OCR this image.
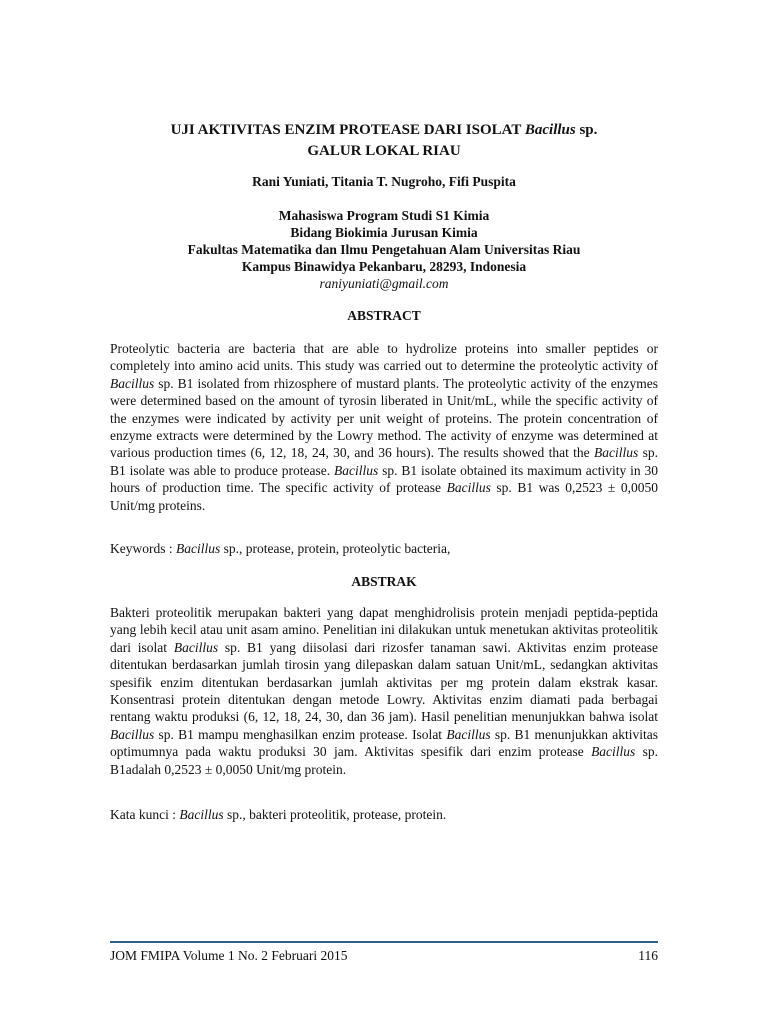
UJI AKTIVITAS ENZIM PROTEASE DARI ISOLAT Bacillus sp.
GALUR LOKAL RIAU
Rani Yuniati, Titania T. Nugroho, Fifi Puspita
Mahasiswa Program Studi S1 Kimia
Bidang Biokimia Jurusan Kimia
Fakultas Matematika dan Ilmu Pengetahuan Alam Universitas Riau
Kampus Binawidya Pekanbaru, 28293, Indonesia
raniyuniati@gmail.com
ABSTRACT
Proteolytic bacteria are bacteria that are able to hydrolize proteins into smaller peptides or completely into amino acid units. This study was carried out to determine the proteolytic activity of Bacillus sp. B1 isolated from rhizosphere of mustard plants. The proteolytic activity of the enzymes were determined based on the amount of tyrosin liberated in Unit/mL, while the specific activity of the enzymes were indicated by activity per unit weight of proteins. The protein concentration of enzyme extracts were determined by the Lowry method. The activity of enzyme was determined at various production times (6, 12, 18, 24, 30, and 36 hours). The results showed that the Bacillus sp. B1 isolate was able to produce protease. Bacillus sp. B1 isolate obtained its maximum activity in 30 hours of production time. The specific activity of protease Bacillus sp. B1 was 0,2523 ± 0,0050 Unit/mg proteins.
Keywords : Bacillus sp., protease, protein, proteolytic bacteria,
ABSTRAK
Bakteri proteolitik merupakan bakteri yang dapat menghidrolisis protein menjadi peptida-peptida yang lebih kecil atau unit asam amino. Penelitian ini dilakukan untuk menetukan aktivitas proteolitik dari isolat Bacillus sp. B1 yang diisolasi dari rizosfer tanaman sawi. Aktivitas enzim protease ditentukan berdasarkan jumlah tirosin yang dilepaskan dalam satuan Unit/mL, sedangkan aktivitas spesifik enzim ditentukan berdasarkan jumlah aktivitas per mg protein dalam ekstrak kasar. Konsentrasi protein ditentukan dengan metode Lowry. Aktivitas enzim diamati pada berbagai rentang waktu produksi (6, 12, 18, 24, 30, dan 36 jam). Hasil penelitian menunjukkan bahwa isolat Bacillus sp. B1 mampu menghasilkan enzim protease. Isolat Bacillus sp. B1 menunjukkan aktivitas optimumnya pada waktu produksi 30 jam. Aktivitas spesifik dari enzim protease Bacillus sp. B1adalah 0,2523 ± 0,0050 Unit/mg protein.
Kata kunci : Bacillus sp., bakteri proteolitik, protease, protein.
JOM FMIPA Volume 1 No. 2 Februari 2015	116
